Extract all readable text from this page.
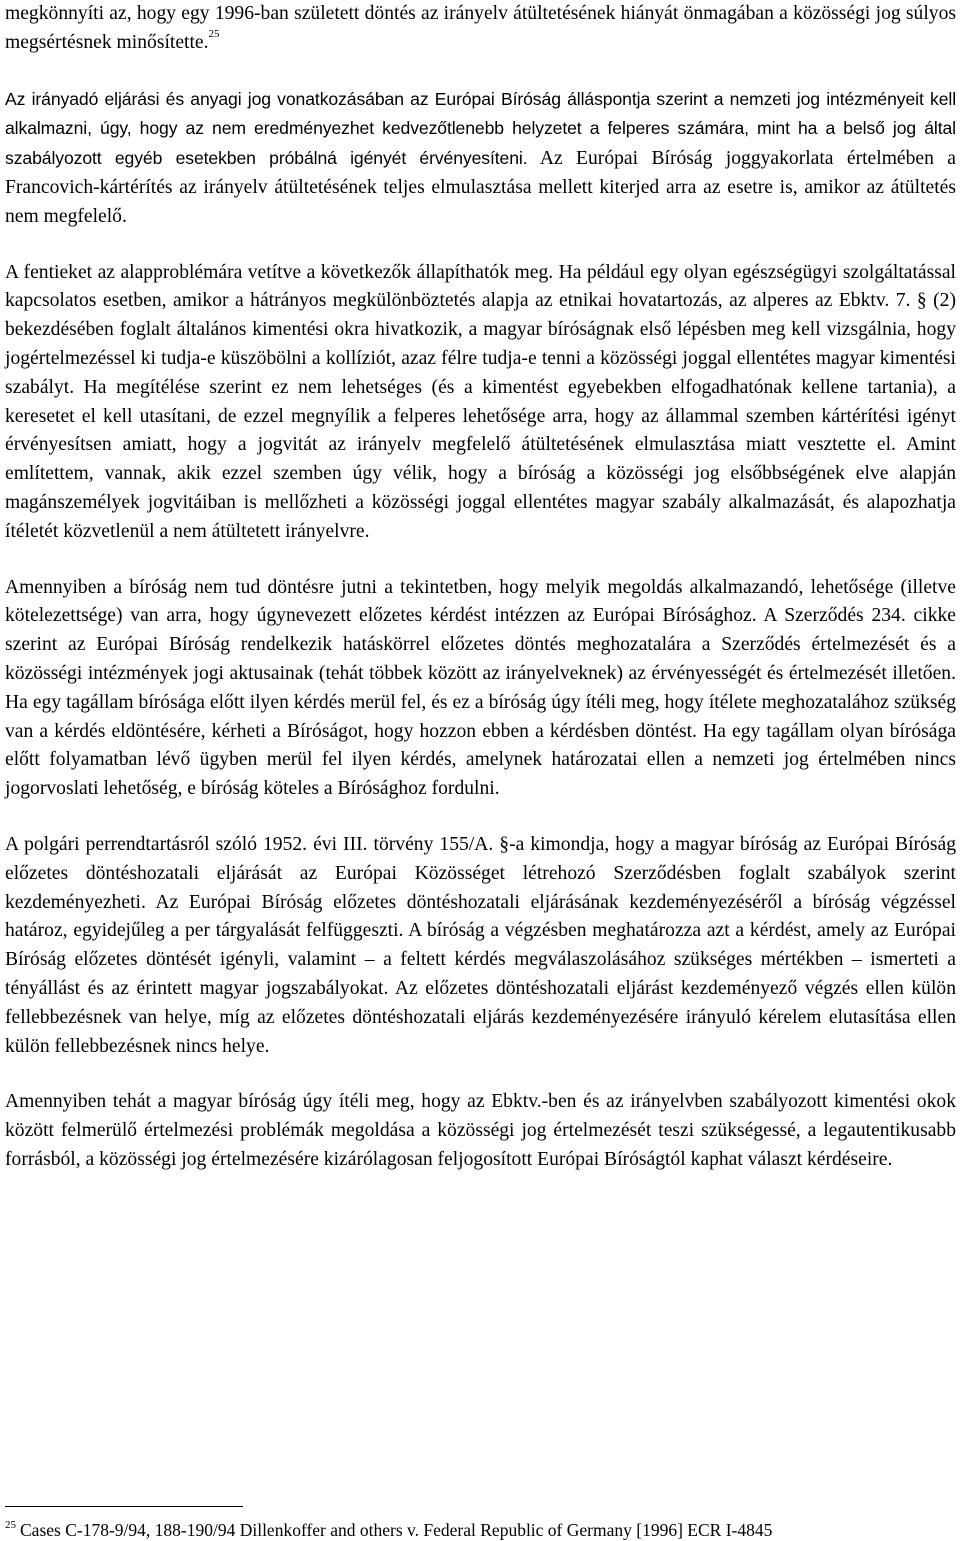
megkönnyíti az, hogy egy 1996-ban született döntés az irányelv átültetésének hiányát önmagában a közösségi jog súlyos megsértésnek minősítette.$^{25}$

Az irányadó eljárási és anyagi jog vonatkozásában az Európai Bíróság álláspontja szerint a nemzeti jog intézményeit kell alkalmazni, úgy, hogy az nem eredményezhet kedvezőtlenebb helyzetet a felperes számára, mint ha a belső jog által szabályozott egyéb esetekben próbálná igényét érvényesíteni. Az Európai Bíróság joggyakorlata értelmében a Francovich-kártérítés az irányelv átültetésének teljes elmulasztása mellett kiterjed arra az esetre is, amikor az átültetés nem megfelelő.

A fentieket az alapproblémára vetítve a következők állapíthatók meg. Ha például egy olyan egészségügyi szolgáltatással kapcsolatos esetben, amikor a hátrányos megkülönböztetés alapja az etnikai hovatartozás, az alperes az Ebktv. 7. § (2) bekezdésében foglalt általános kimentési okra hivatkozik, a magyar bíróságnak első lépésben meg kell vizsgálnia, hogy jogértelmezéssel ki tudja-e küszöbölni a kollíziót, azaz félre tudja-e tenni a közösségi joggal ellentétes magyar kimentési szabályt. Ha megítélése szerint ez nem lehetséges (és a kimentést egyebekben elfogadhatónak kellene tartania), a keresetet el kell utasítani, de ezzel megnyílik a felperes lehetősége arra, hogy az állammal szemben kártérítési igényt érvényesítsen amiatt, hogy a jogvitát az irányelv megfelelő átültetésének elmulasztása miatt vesztette el. Amint említettem, vannak, akik ezzel szemben úgy vélik, hogy a bíróság a közösségi jog elsőbbségének elve alapján magánszemélyek jogvitáiban is mellőzheti a közösségi joggal ellentétes magyar szabály alkalmazását, és alapozhatja ítéletét közvetlenül a nem átültetett irányelvre.

Amennyiben a bíróság nem tud döntésre jutni a tekintetben, hogy melyik megoldás alkalmazandó, lehetősége (illetve kötelezettsége) van arra, hogy úgynevezett előzetes kérdést intézzen az Európai Bírósághoz. A Szerződés 234. cikke szerint az Európai Bíróság rendelkezik hatáskörrel előzetes döntés meghozatalára a Szerződés értelmezését és a közösségi intézmények jogi aktusainak (tehát többek között az irányelveknek) az érvényességét és értelmezését illetően. Ha egy tagállam bírósága előtt ilyen kérdés merül fel, és ez a bíróság úgy ítéli meg, hogy ítélete meghozatalához szükség van a kérdés eldöntésére, kérheti a Bíróságot, hogy hozzon ebben a kérdésben döntést. Ha egy tagállam olyan bírósága előtt folyamatban lévő ügyben merül fel ilyen kérdés, amelynek határozatai ellen a nemzeti jog értelmében nincs jogorvoslati lehetőség, e bíróság köteles a Bírósághoz fordulni.

A polgári perrendtartásról szóló 1952. évi III. törvény 155/A. §-a kimondja, hogy a magyar bíróság az Európai Bíróság előzetes döntéshozatali eljárását az Európai Közösséget létrehozó Szerződésben foglalt szabályok szerint kezdeményezheti. Az Európai Bíróság előzetes döntéshozatali eljárásának kezdeményezéséről a bíróság végzéssel határoz, egyidejűleg a per tárgyalását felfüggeszti. A bíróság a végzésben meghatározza azt a kérdést, amely az Európai Bíróság előzetes döntését igényli, valamint – a feltett kérdés megválaszolásához szükséges mértékben – ismerteti a tényállást és az érintett magyar jogszabályokat. Az előzetes döntéshozatali eljárást kezdeményező végzés ellen külön fellebbezésnek van helye, míg az előzetes döntéshozatali eljárás kezdeményezésére irányuló kérelem elutasítása ellen külön fellebbezésnek nincs helye.

Amennyiben tehát a magyar bíróság úgy ítéli meg, hogy az Ebktv.-ben és az irányelvben szabályozott kimentési okok között felmerülő értelmezési problémák megoldása a közösségi jog értelmezését teszi szükségessé, a legautentikusabb forrásból, a közösségi jog értelmezésére kizárólagosan feljogosított Európai Bíróságtól kaphat választ kérdéseire.

$^{25}$ Cases C-178-9/94, 188-190/94 Dillenkoffer and others v. Federal Republic of Germany [1996] ECR I-4845
